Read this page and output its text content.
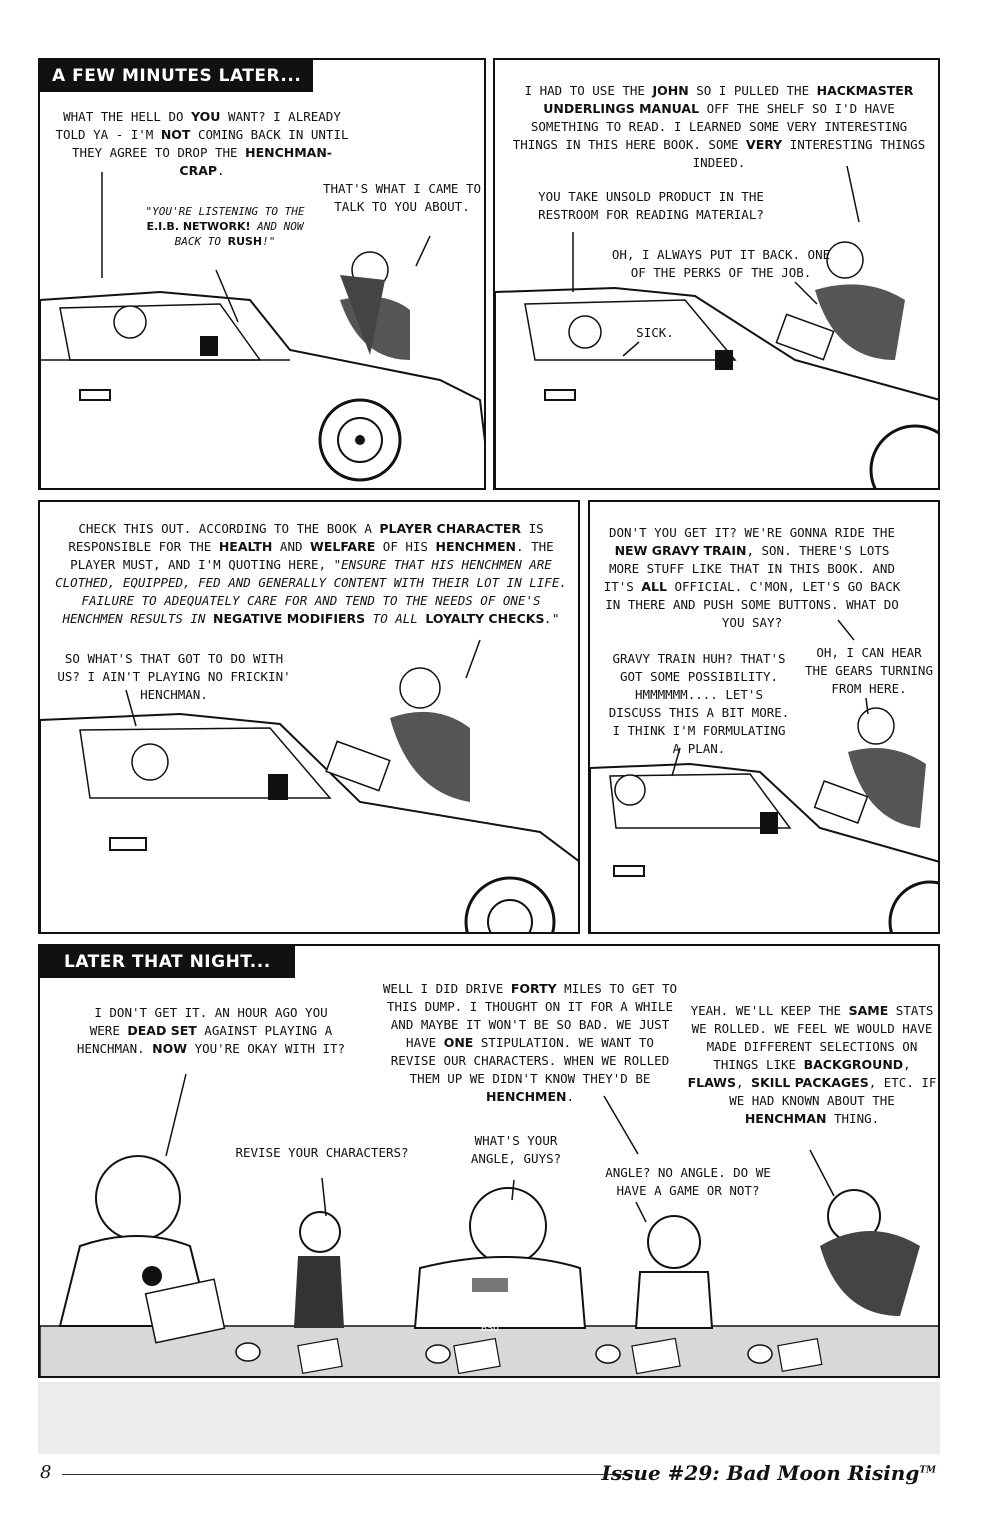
A FEW MINUTES LATER...
WHAT THE HELL DO YOU WANT? I ALREADY TOLD YA - I'M NOT COMING BACK IN UNTIL THEY AGREE TO DROP THE HENCHMAN-CRAP.
THAT'S WHAT I CAME TO TALK TO YOU ABOUT.
"YOU'RE LISTENING TO THE E.I.B. NETWORK! AND NOW BACK TO RUSH!"
I HAD TO USE THE JOHN SO I PULLED THE HACKMASTER UNDERLINGS MANUAL OFF THE SHELF SO I'D HAVE SOMETHING TO READ. I LEARNED SOME VERY INTERESTING THINGS IN THIS HERE BOOK. SOME VERY INTERESTING THINGS INDEED.
YOU TAKE UNSOLD PRODUCT IN THE RESTROOM FOR READING MATERIAL?
OH, I ALWAYS PUT IT BACK. ONE OF THE PERKS OF THE JOB.
SICK.
CHECK THIS OUT. ACCORDING TO THE BOOK A PLAYER CHARACTER IS RESPONSIBLE FOR THE HEALTH AND WELFARE OF HIS HENCHMEN. THE PLAYER MUST, AND I'M QUOTING HERE, "ENSURE THAT HIS HENCHMEN ARE CLOTHED, EQUIPPED, FED AND GENERALLY CONTENT WITH THEIR LOT IN LIFE. FAILURE TO ADEQUATELY CARE FOR AND TEND TO THE NEEDS OF ONE'S HENCHMEN RESULTS IN NEGATIVE MODIFIERS TO ALL LOYALTY CHECKS."
SO WHAT'S THAT GOT TO DO WITH US? I AIN'T PLAYING NO FRICKIN' HENCHMAN.
DON'T YOU GET IT? WE'RE GONNA RIDE THE NEW GRAVY TRAIN, SON. THERE'S LOTS MORE STUFF LIKE THAT IN THIS BOOK. AND IT'S ALL OFFICIAL. C'MON, LET'S GO BACK IN THERE AND PUSH SOME BUTTONS. WHAT DO YOU SAY?
GRAVY TRAIN HUH? THAT'S GOT SOME POSSIBILITY. HMMMMMM.... LET'S DISCUSS THIS A BIT MORE. I THINK I'M FORMULATING A PLAN.
OH, I CAN HEAR THE GEARS TURNING FROM HERE.
LATER THAT NIGHT...
I DON'T GET IT. AN HOUR AGO YOU WERE DEAD SET AGAINST PLAYING A HENCHMAN. NOW YOU'RE OKAY WITH IT?
WELL I DID DRIVE FORTY MILES TO GET TO THIS DUMP. I THOUGHT ON IT FOR A WHILE AND MAYBE IT WON'T BE SO BAD. WE JUST HAVE ONE STIPULATION. WE WANT TO REVISE OUR CHARACTERS. WHEN WE ROLLED THEM UP WE DIDN'T KNOW THEY'D BE HENCHMEN.
YEAH. WE'LL KEEP THE SAME STATS WE ROLLED. WE FEEL WE WOULD HAVE MADE DIFFERENT SELECTIONS ON THINGS LIKE BACKGROUND, FLAWS, SKILL PACKAGES, ETC. IF WE HAD KNOWN ABOUT THE HENCHMAN THING.
REVISE YOUR CHARACTERS?
WHAT'S YOUR ANGLE, GUYS?
ANGLE? NO ANGLE. DO WE HAVE A GAME OR NOT?
BSU
8	Issue #29: Bad Moon Rising™
